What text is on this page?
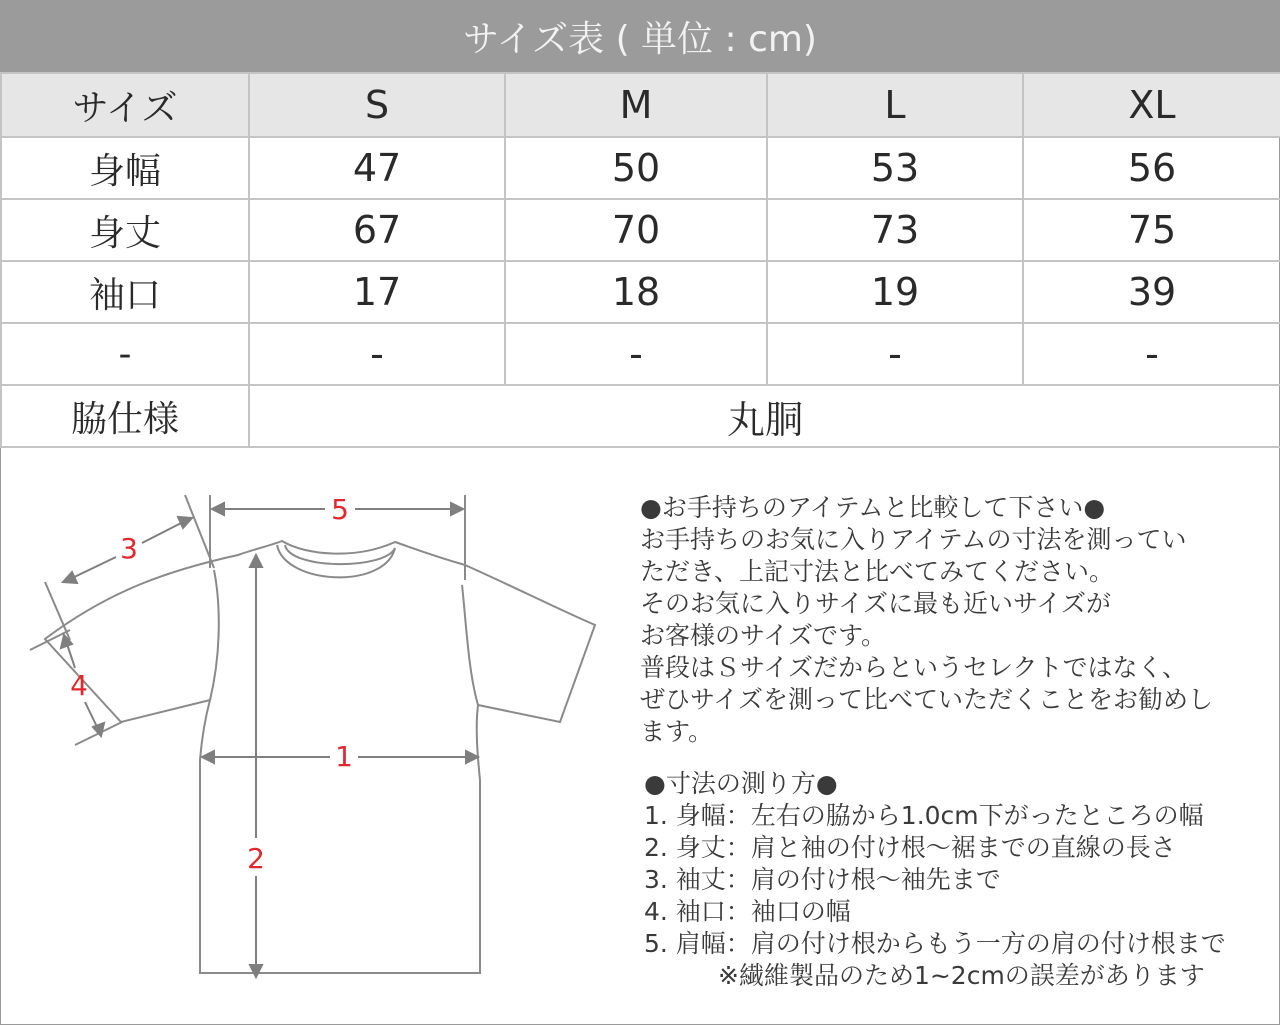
サイズ表 ( 単位 : cm)
サイズ	S	M	L	XL
身幅	47	50	53	56
身丈	67	70	73	75
袖口	17	18	19	39
-	-	-	-	-
脇仕様	丸胴			
1
2
3
4
5	●お手持ちのアイテムと比較して下さい●

お手持ちのお気に入りアイテムの寸法を測ってい

ただき、上記寸法と比べてみてください。

そのお気に入りサイズに最も近いサイズが

お客様のサイズです。

普段はＳサイズだからというセレクトではなく、

ぜひサイズを測って比べていただくことをお勧めし

ます。

●寸法の測り方●

1. 身幅：左右の脇から1.0cm下がったところの幅

2. 身丈：肩と袖の付け根〜裾までの直線の長さ

3. 袖丈：肩の付け根〜袖先まで

4. 袖口：袖口の幅

5. 肩幅：肩の付け根からもう一方の肩の付け根まで

※繊維製品のため1~2cmの誤差があります
